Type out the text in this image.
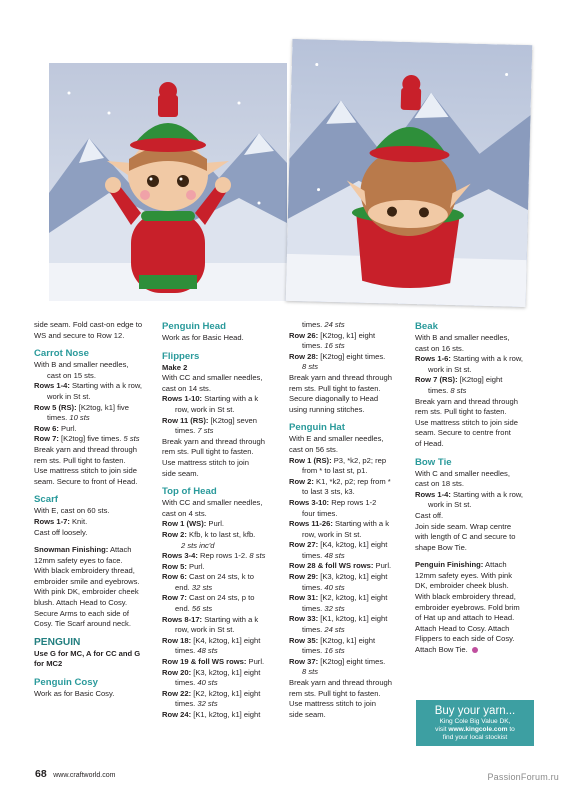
side seam. Fold cast-on edge to

WS and secure to Row 12.

Carrot Nose

With B and smaller needles,

cast on 15 sts.

Rows 1-4: Starting with a k row,

work in St st.

Row 5 (RS): [K2tog, k1] five

times. 10 sts

Row 6: Purl.

Row 7: [K2tog] five times. 5 sts

Break yarn and thread through

rem sts. Pull tight to fasten.

Use mattress stitch to join side

seam. Secure to front of Head.

Scarf

With E, cast on 60 sts.

Rows 1-7: Knit.

Cast off loosely.

Snowman Finishing: Attach

12mm safety eyes to face.

With black embroidery thread,

embroider smile and eyebrows.

With pink DK, embroider cheek

blush. Attach Head to Cosy.

Secure Arms to each side of

Cosy. Tie Scarf around neck.

PENGUIN

Use G for MC, A for CC and G

for MC2

Penguin Cosy

Work as for Basic Cosy.

Penguin Head

Work as for Basic Head.

Flippers

Make 2

With CC and smaller needles,

cast on 14 sts.

Rows 1-10: Starting with a k

row, work in St st.

Row 11 (RS): [K2tog] seven

times. 7 sts

Break yarn and thread through

rem sts. Pull tight to fasten.

Use mattress stitch to join

side seam.

Top of Head

With CC and smaller needles,

cast on 4 sts.

Row 1 (WS): Purl.

Row 2: Kfb, k to last st, kfb.

2 sts inc'd

Rows 3-4: Rep rows 1-2. 8 sts

Row 5: Purl.

Row 6: Cast on 24 sts, k to

end. 32 sts

Row 7: Cast on 24 sts, p to

end. 56 sts

Rows 8-17: Starting with a k

row, work in St st.

Row 18: [K4, k2tog, k1] eight

times. 48 sts

Row 19 & foll WS rows: Purl.

Row 20: [K3, k2tog, k1] eight

times. 40 sts

Row 22: [K2, k2tog, k1] eight

times. 32 sts

Row 24: [K1, k2tog, k1] eight

times. 24 sts

Row 26: [K2tog, k1] eight

times. 16 sts

Row 28: [K2tog] eight times.

8 sts

Break yarn and thread through

rem sts. Pull tight to fasten.

Secure diagonally to Head

using running stitches.

Penguin Hat

With E and smaller needles,

cast on 56 sts.

Row 1 (RS): P3, *k2, p2; rep

from * to last st, p1.

Row 2: K1, *k2, p2; rep from *

to last 3 sts, k3.

Rows 3-10: Rep rows 1-2

four times.

Rows 11-26: Starting with a k

row, work in St st.

Row 27: [K4, k2tog, k1] eight

times. 48 sts

Row 28 & foll WS rows: Purl.

Row 29: [K3, k2tog, k1] eight

times. 40 sts

Row 31: [K2, k2tog, k1] eight

times. 32 sts

Row 33: [K1, k2tog, k1] eight

times. 24 sts

Row 35: [K2tog, k1] eight

times. 16 sts

Row 37: [K2tog] eight times.

8 sts

Break yarn and thread through

rem sts. Pull tight to fasten.

Use mattress stitch to join

side seam.

Beak

With B and smaller needles,

cast on 16 sts.

Rows 1-6: Starting with a k row,

work in St st.

Row 7 (RS): [K2tog] eight

times. 8 sts

Break yarn and thread through

rem sts. Pull tight to fasten.

Use mattress stitch to join side

seam. Secure to centre front

of Head.

Bow Tie

With C and smaller needles,

cast on 18 sts.

Rows 1-4: Starting with a k row,

work in St st.

Cast off.

Join side seam. Wrap centre

with length of C and secure to

shape Bow Tie.

Penguin Finishing: Attach

12mm safety eyes. With pink

DK, embroider cheek blush.

With black embroidery thread,

embroider eyebrows. Fold brim

of Hat up and attach to Head.

Attach Head to Cosy. Attach

Flippers to each side of Cosy.

Attach Bow Tie.

Buy your yarn...
King Cole Big Value DK,
visit www.kingcole.com to
find your local stockist
68 www.craftworld.com	PassionForum.ru
